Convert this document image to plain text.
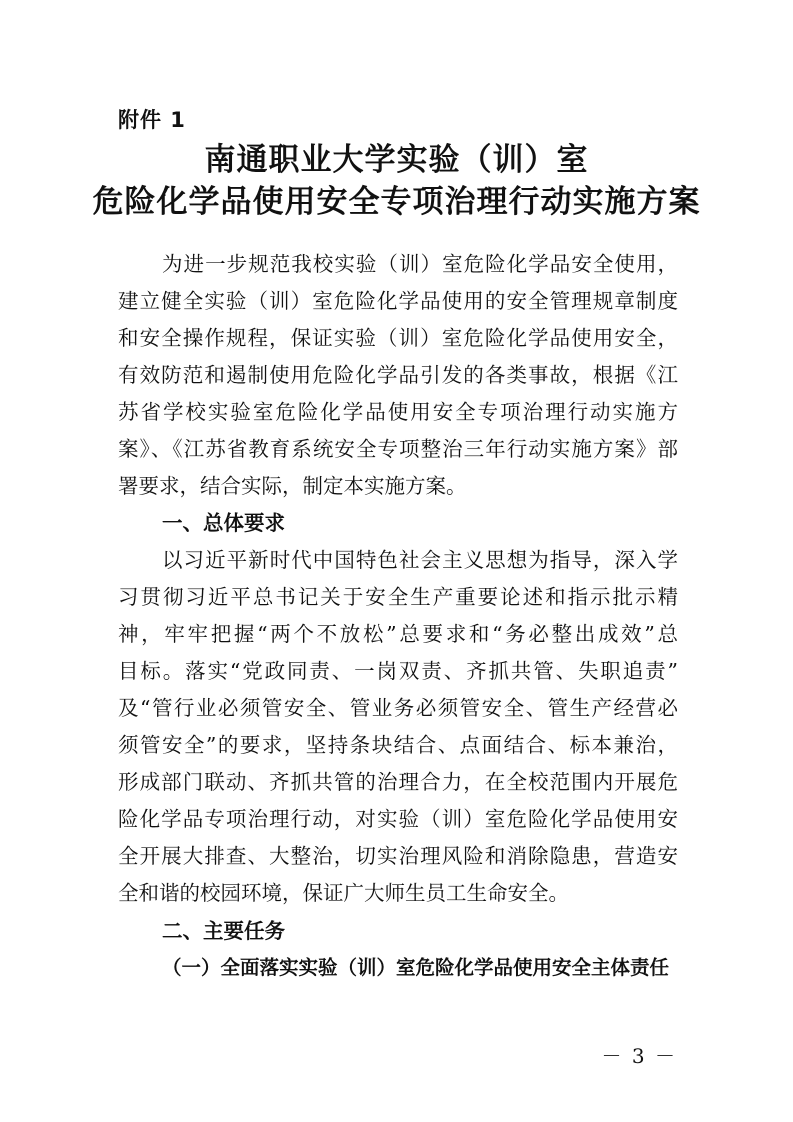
附件 1
南通职业大学实验（训）室
危险化学品使用安全专项治理行动实施方案
为进一步规范我校实验（训）室危险化学品安全使用，
建立健全实验（训）室危险化学品使用的安全管理规章制度
和安全操作规程，保证实验（训）室危险化学品使用安全，
有效防范和遏制使用危险化学品引发的各类事故，根据《江
苏省学校实验室危险化学品使用安全专项治理行动实施方
案》、《江苏省教育系统安全专项整治三年行动实施方案》部
署要求，结合实际，制定本实施方案。
一、总体要求
以习近平新时代中国特色社会主义思想为指导，深入学
习贯彻习近平总书记关于安全生产重要论述和指示批示精
神，牢牢把握“两个不放松”总要求和“务必整出成效”总
目标。落实“党政同责、一岗双责、齐抓共管、失职追责”
及“管行业必须管安全、管业务必须管安全、管生产经营必
须管安全”的要求，坚持条块结合、点面结合、标本兼治，
形成部门联动、齐抓共管的治理合力，在全校范围内开展危
险化学品专项治理行动，对实验（训）室危险化学品使用安
全开展大排查、大整治，切实治理风险和消除隐患，营造安
全和谐的校园环境，保证广大师生员工生命安全。
二、主要任务
（一）全面落实实验（训）室危险化学品使用安全主体责任
－ 3 －
